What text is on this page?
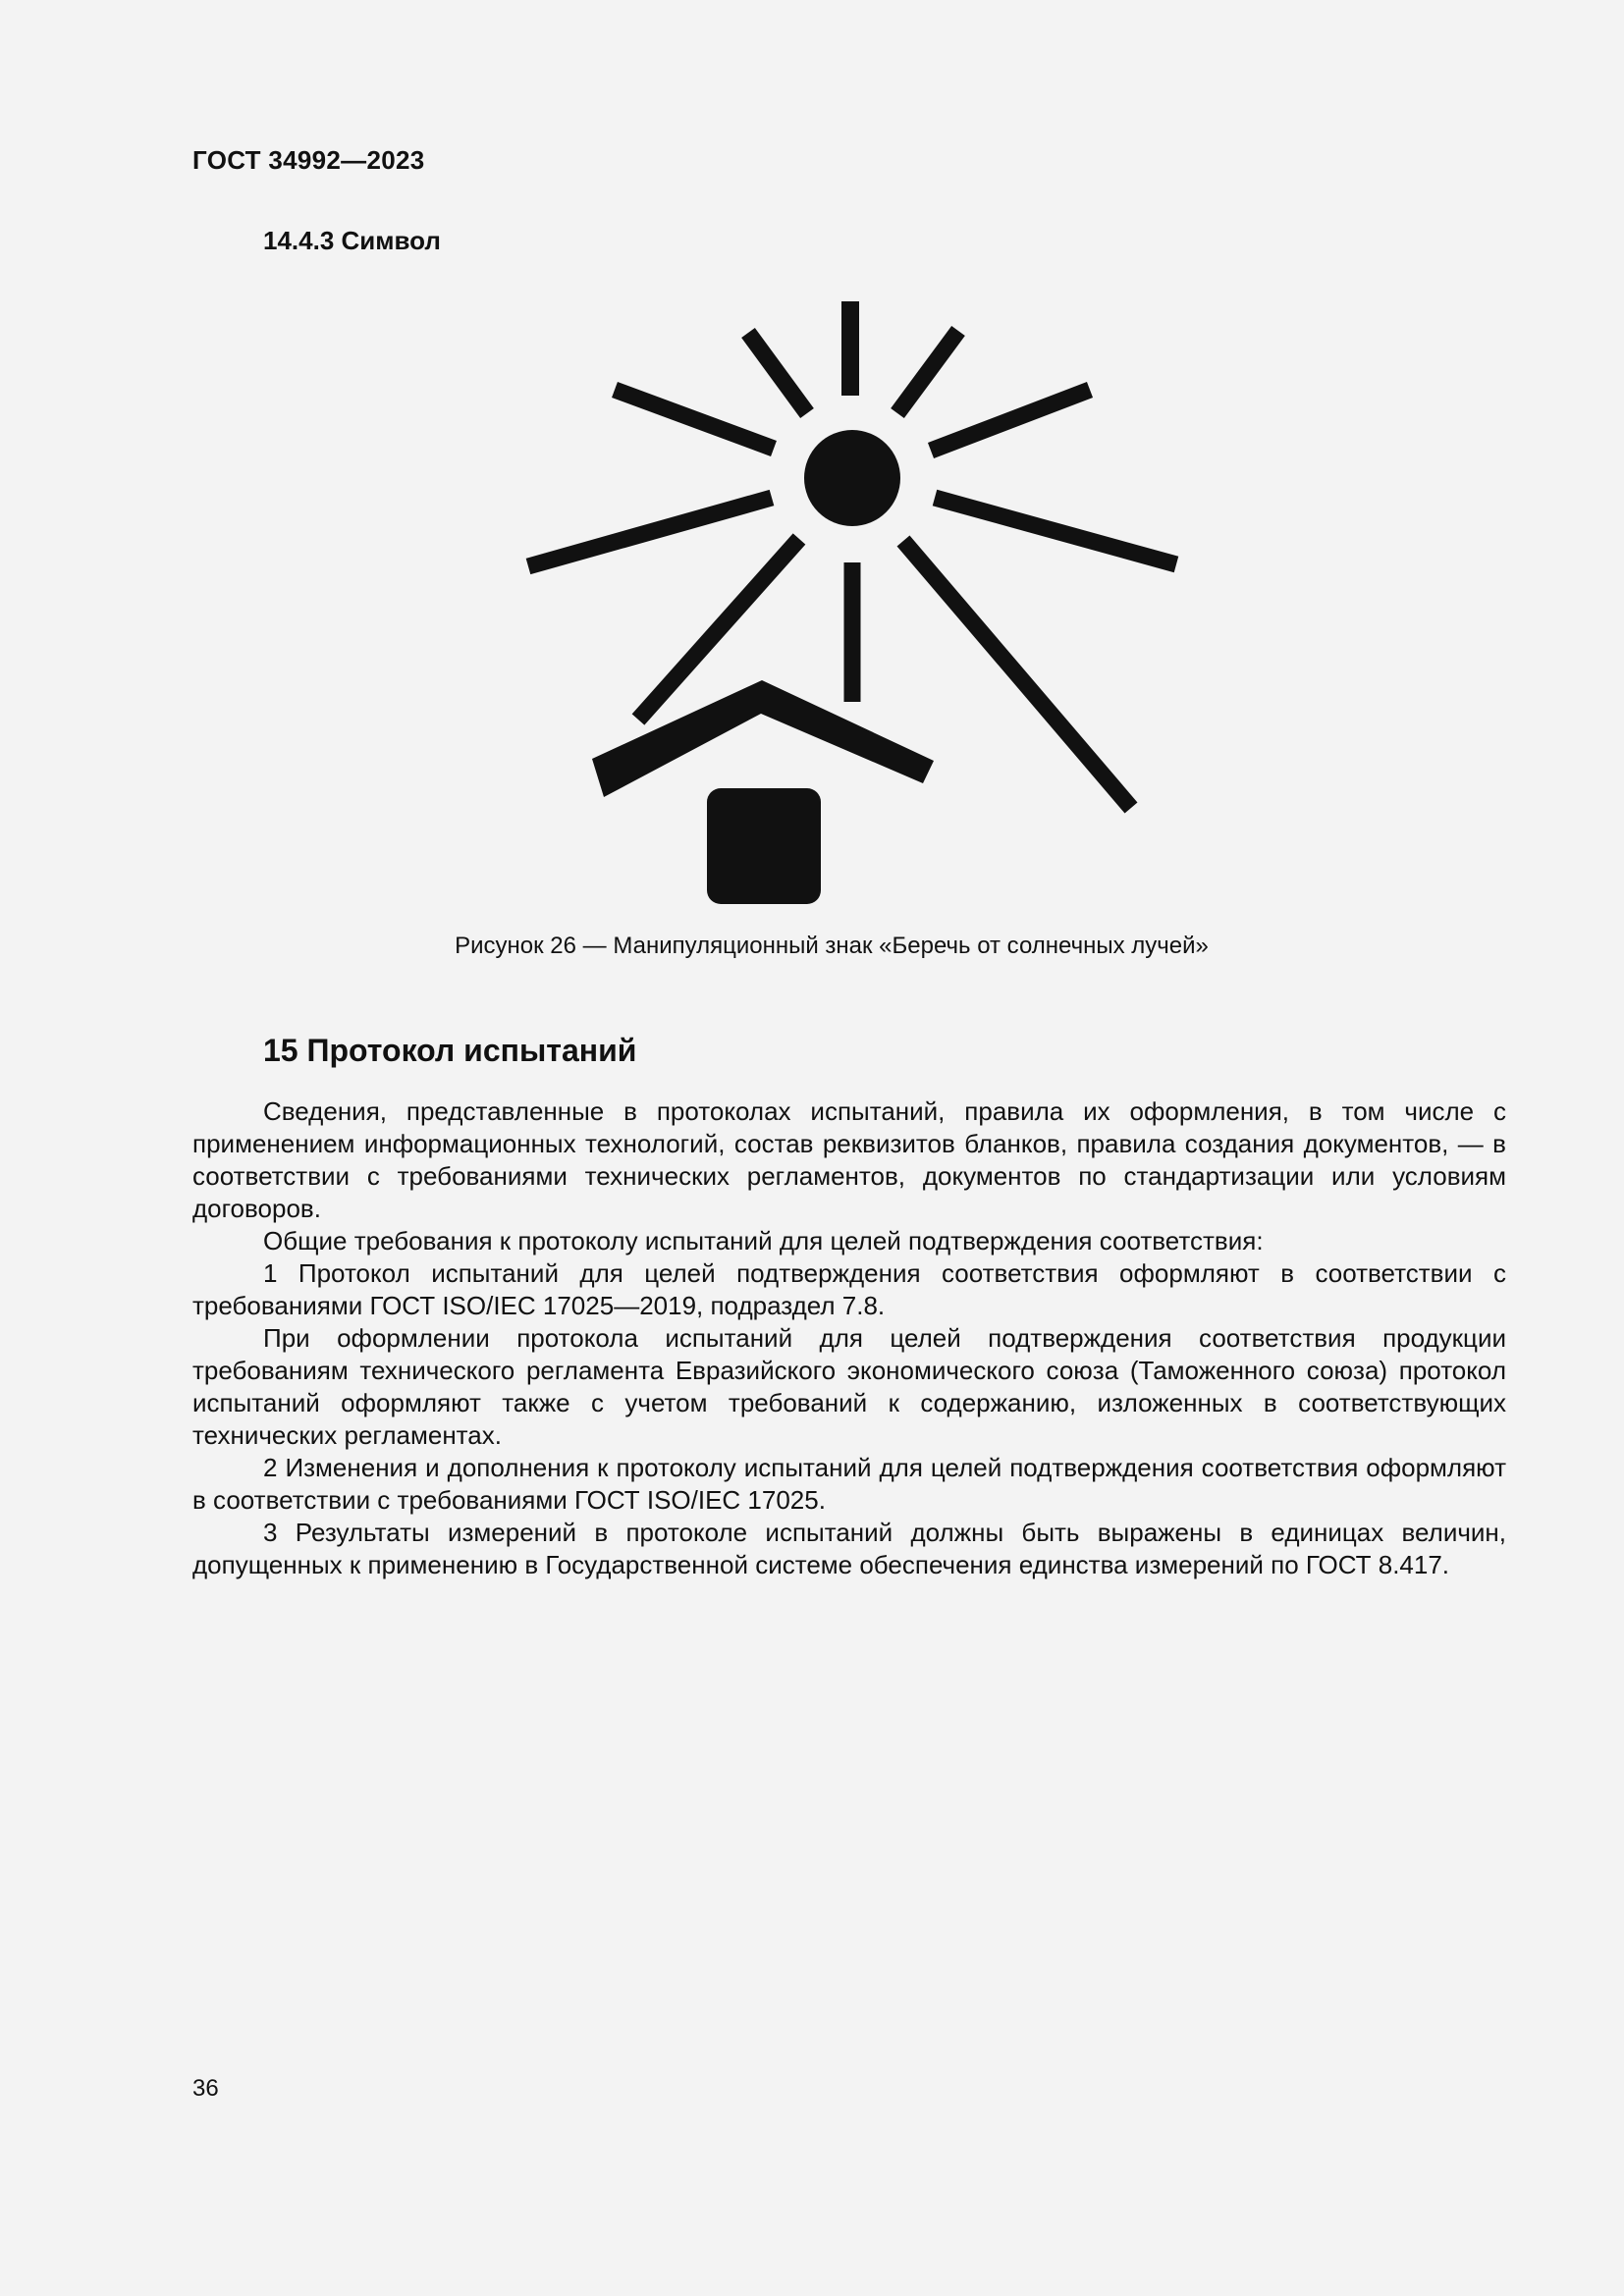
ГОСТ 34992—2023
14.4.3 Символ
Рисунок 26 — Манипуляционный знак «Беречь от солнечных лучей»
15 Протокол испытаний

Сведения, представленные в протоколах испытаний, правила их оформления, в том числе с применением информационных технологий, состав реквизитов бланков, правила создания документов, — в соответствии с требованиями технических регламентов, документов по стандартизации или условиям договоров.

Общие требования к протоколу испытаний для целей подтверждения соответствия:

1 Протокол испытаний для целей подтверждения соответствия оформляют в соответствии с требованиями ГОСТ ISO/IEC 17025—2019, подраздел 7.8.

При оформлении протокола испытаний для целей подтверждения соответствия продукции требованиям технического регламента Евразийского экономического союза (Таможенного союза) протокол испытаний оформляют также с учетом требований к содержанию, изложенных в соответствующих технических регламентах.

2 Изменения и дополнения к протоколу испытаний для целей подтверждения соответствия оформляют в соответствии с требованиями ГОСТ ISO/IEC 17025.

3 Результаты измерений в протоколе испытаний должны быть выражены в единицах величин, допущенных к применению в Государственной системе обеспечения единства измерений по ГОСТ 8.417.

36
